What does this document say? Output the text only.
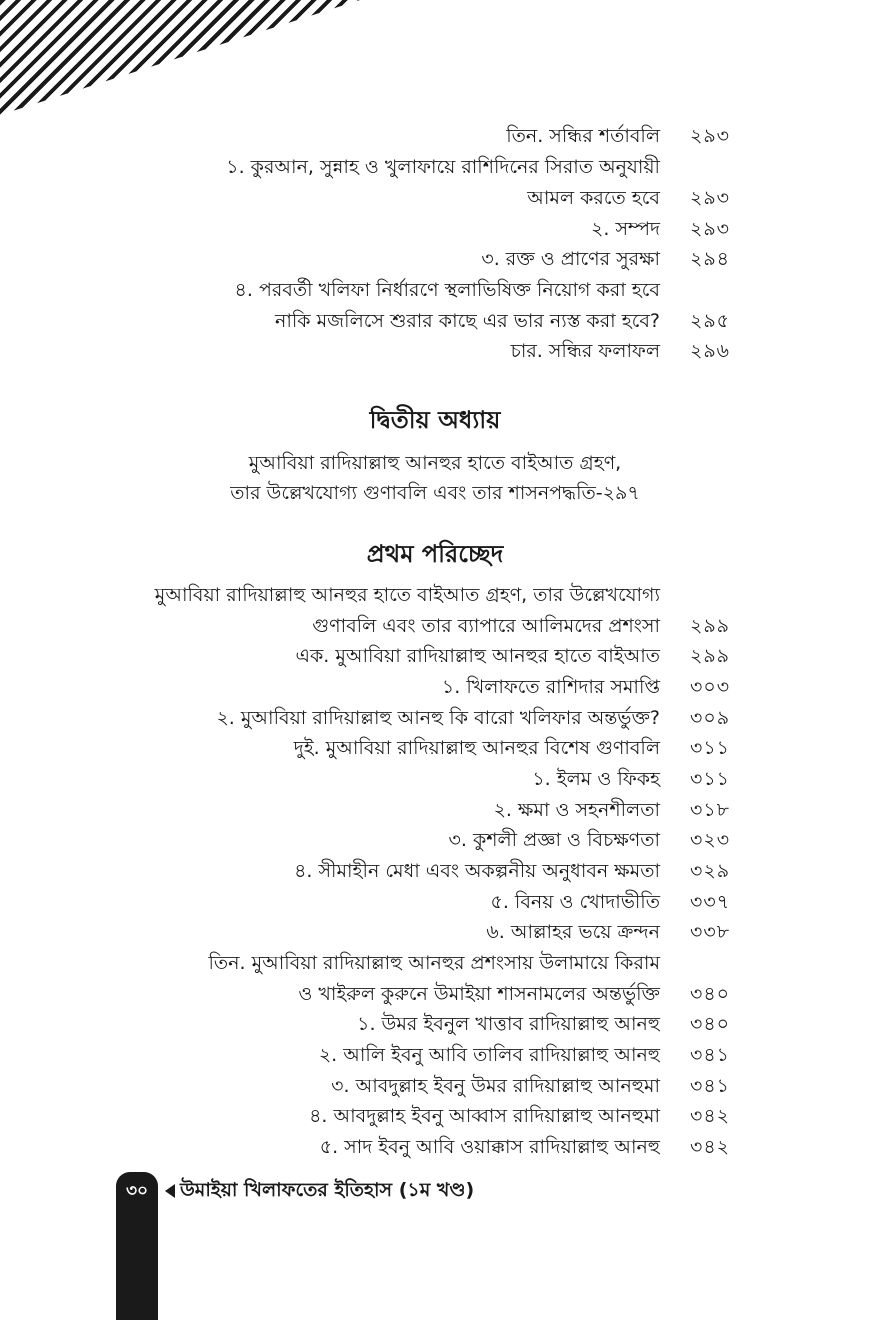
তিন. সন্ধির শর্তাবলি ২৯৩
১. কুরআন, সুন্নাহ ও খুলাফায়ে রাশিদিনের সিরাত অনুযায়ী
আমল করতে হবে ২৯৩
২. সম্পদ ২৯৩
৩. রক্ত ও প্রাণের সুরক্ষা ২৯৪
৪. পরবর্তী খলিফা নির্ধারণে স্থলাভিষিক্ত নিয়োগ করা হবে
নাকি মজলিসে শুরার কাছে এর ভার ন্যস্ত করা হবে? ২৯৫
চার. সন্ধির ফলাফল ২৯৬
দ্বিতীয় অধ্যায়
মুআবিয়া রাদিয়াল্লাহু আনহুর হাতে বাইআত গ্রহণ,
তার উল্লেখযোগ্য গুণাবলি এবং তার শাসনপদ্ধতি-২৯৭
প্রথম পরিচ্ছেদ
মুআবিয়া রাদিয়াল্লাহু আনহুর হাতে বাইআত গ্রহণ, তার উল্লেখযোগ্য
গুণাবলি এবং তার ব্যাপারে আলিমদের প্রশংসা ২৯৯
এক. মুআবিয়া রাদিয়াল্লাহু আনহুর হাতে বাইআত ২৯৯
১. খিলাফতে রাশিদার সমাপ্তি ৩০৩
২. মুআবিয়া রাদিয়াল্লাহু আনহু কি বারো খলিফার অন্তর্ভুক্ত? ৩০৯
দুই. মুআবিয়া রাদিয়াল্লাহু আনহুর বিশেষ গুণাবলি ৩১১
১. ইলম ও ফিকহ ৩১১
২. ক্ষমা ও সহনশীলতা ৩১৮
৩. কুশলী প্রজ্ঞা ও বিচক্ষণতা ৩২৩
৪. সীমাহীন মেধা এবং অকল্পনীয় অনুধাবন ক্ষমতা ৩২৯
৫. বিনয় ও খোদাভীতি ৩৩৭
৬. আল্লাহর ভয়ে ক্রন্দন ৩৩৮
তিন. মুআবিয়া রাদিয়াল্লাহু আনহুর প্রশংসায় উলামায়ে কিরাম
ও খাইরুল কুরুনে উমাইয়া শাসনামলের অন্তর্ভুক্তি ৩৪০
১. উমর ইবনুল খাত্তাব রাদিয়াল্লাহু আনহু ৩৪০
২. আলি ইবনু আবি তালিব রাদিয়াল্লাহু আনহু ৩৪১
৩. আবদুল্লাহ ইবনু উমর রাদিয়াল্লাহু আনহুমা ৩৪১
৪. আবদুল্লাহ ইবনু আব্বাস রাদিয়াল্লাহু আনহুমা ৩৪২
৫. সাদ ইবনু আবি ওয়াক্কাস রাদিয়াল্লাহু আনহু ৩৪২
৩০	উমাইয়া খিলাফতের ইতিহাস (১ম খণ্ড)
